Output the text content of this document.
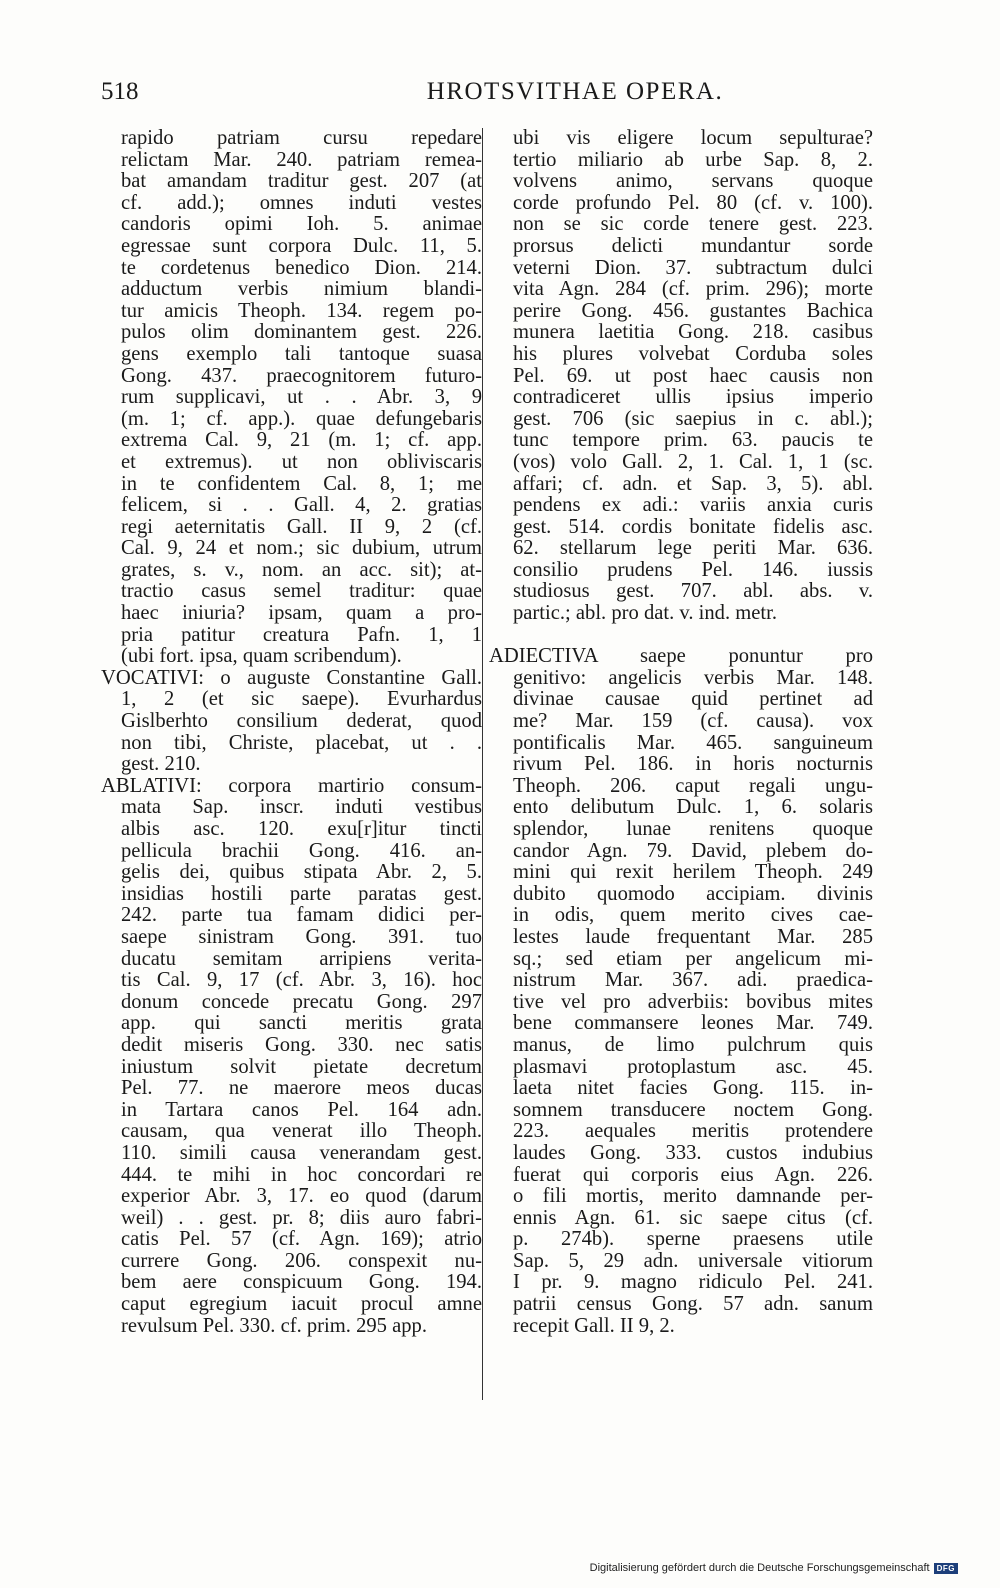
518	HROTSVITHAE OPERA.
rapido patriam cursu repedare
relictam Mar. 240. patriam remea-
bat amandam traditur gest. 207 (at
cf. add.); omnes induti vestes
candoris opimi Ioh. 5. animae
egressae sunt corpora Dulc. 11, 5.
te cordetenus benedico Dion. 214.
adductum verbis nimium blandi-
tur amicis Theoph. 134. regem po-
pulos olim dominantem gest. 226.
gens exemplo tali tantoque suasa
Gong. 437. praecognitorem futuro-
rum supplicavi, ut . . Abr. 3, 9
(m. 1; cf. app.). quae defungebaris
extrema Cal. 9, 21 (m. 1; cf. app.
et extremus). ut non obliviscaris
in te confidentem Cal. 8, 1; me
felicem, si . . Gall. 4, 2. gratias
regi aeternitatis Gall. II 9, 2 (cf.
Cal. 9, 24 et nom.; sic dubium, utrum
grates, s. v., nom. an acc. sit); at-
tractio casus semel traditur: quae
haec iniuria? ipsam, quam a pro-
pria patitur creatura Pafn. 1, 1
(ubi fort. ipsa, quam scribendum).
VOCATIVI: o auguste Constantine Gall.
1, 2 (et sic saepe). Evurhardus
Gislberhto consilium dederat, quod
non tibi, Christe, placebat, ut . .
gest. 210.
ABLATIVI: corpora martirio consum-
mata Sap. inscr. induti vestibus
albis asc. 120. exu[r]itur tincti
pellicula brachii Gong. 416. an-
gelis dei, quibus stipata Abr. 2, 5.
insidias hostili parte paratas gest.
242. parte tua famam didici per-
saepe sinistram Gong. 391. tuo
ducatu semitam arripiens verita-
tis Cal. 9, 17 (cf. Abr. 3, 16). hoc
donum concede precatu Gong. 297
app. qui sancti meritis grata
dedit miseris Gong. 330. nec satis
iniustum solvit pietate decretum
Pel. 77. ne maerore meos ducas
in Tartara canos Pel. 164 adn.
causam, qua venerat illo Theoph.
110. simili causa venerandam gest.
444. te mihi in hoc concordari re
experior Abr. 3, 17. eo quod (darum
weil) . . gest. pr. 8; diis auro fabri-
catis Pel. 57 (cf. Agn. 169); atrio
currere Gong. 206. conspexit nu-
bem aere conspicuum Gong. 194.
caput egregium iacuit procul amne
revulsum Pel. 330. cf. prim. 295 app.
ubi vis eligere locum sepulturae?
tertio miliario ab urbe Sap. 8, 2.
volvens animo, servans quoque
corde profundo Pel. 80 (cf. v. 100).
non se sic corde tenere gest. 223.
prorsus delicti mundantur sorde
veterni Dion. 37. subtractum dulci
vita Agn. 284 (cf. prim. 296); morte
perire Gong. 456. gustantes Bachica
munera laetitia Gong. 218. casibus
his plures volvebat Corduba soles
Pel. 69. ut post haec causis non
contradiceret ullis ipsius imperio
gest. 706 (sic saepius in c. abl.);
tunc tempore prim. 63. paucis te
(vos) volo Gall. 2, 1. Cal. 1, 1 (sc.
affari; cf. adn. et Sap. 3, 5). abl.
pendens ex adi.: variis anxia curis
gest. 514. cordis bonitate fidelis asc.
62. stellarum lege periti Mar. 636.
consilio prudens Pel. 146. iussis
studiosus gest. 707. abl. abs. v.
partic.; abl. pro dat. v. ind. metr.

ADIECTIVA saepe ponuntur pro
genitivo: angelicis verbis Mar. 148.
divinae causae quid pertinet ad
me? Mar. 159 (cf. causa). vox
pontificalis Mar. 465. sanguineum
rivum Pel. 186. in horis nocturnis
Theoph. 206. caput regali ungu-
ento delibutum Dulc. 1, 6. solaris
splendor, lunae renitens quoque
candor Agn. 79. David, plebem do-
mini qui rexit herilem Theoph. 249
dubito quomodo accipiam. divinis
in odis, quem merito cives cae-
lestes laude frequentant Mar. 285
sq.; sed etiam per angelicum mi-
nistrum Mar. 367. adi. praedica-
tive vel pro adverbiis: bovibus mites
bene commansere leones Mar. 749.
manus, de limo pulchrum quis
plasmavi protoplastum asc. 45.
laeta nitet facies Gong. 115. in-
somnem transducere noctem Gong.
223. aequales meritis protendere
laudes Gong. 333. custos indubius
fuerat qui corporis eius Agn. 226.
o fili mortis, merito damnande per-
ennis Agn. 61. sic saepe citus (cf.
p. 274b). sperne praesens utile
Sap. 5, 29 adn. universale vitiorum
I pr. 9. magno ridiculo Pel. 241.
patrii census Gong. 57 adn. sanum
recepit Gall. II 9, 2.
Digitalisierung gefördert durch die Deutsche Forschungsgemeinschaft DFG
